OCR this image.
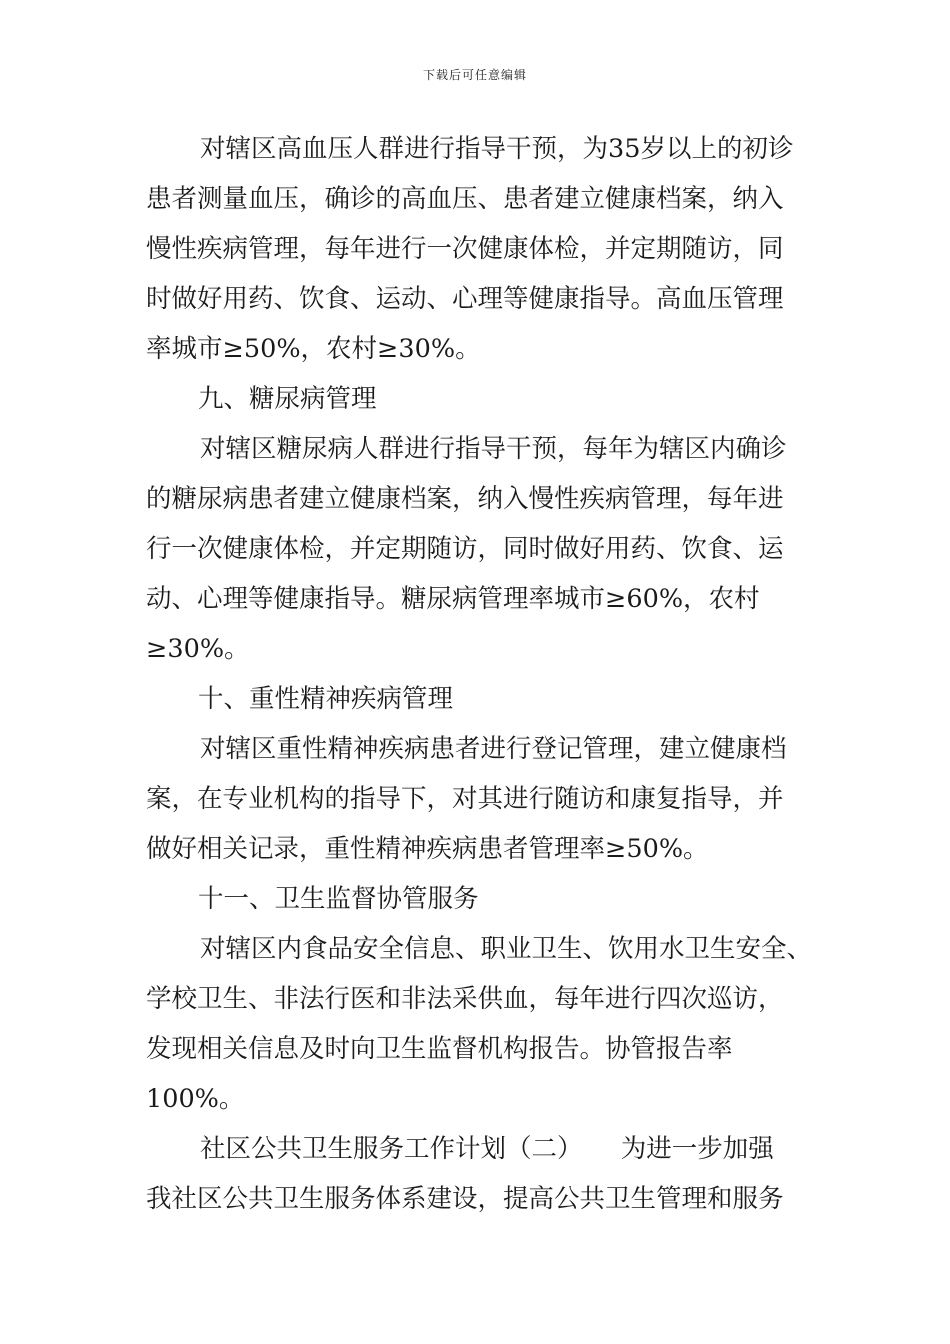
下载后可任意编辑
对辖区高血压人群进行指导干预，为35岁以上的初诊
患者测量血压，确诊的高血压、患者建立健康档案，纳入
慢性疾病管理，每年进行一次健康体检，并定期随访，同
时做好用药、饮食、运动、心理等健康指导。高血压管理
率城市≥50%，农村≥30%。
九、糖尿病管理
对辖区糖尿病人群进行指导干预，每年为辖区内确诊
的糖尿病患者建立健康档案，纳入慢性疾病管理，每年进
行一次健康体检，并定期随访，同时做好用药、饮食、运
动、心理等健康指导。糖尿病管理率城市≥60%，农村
≥30%。
十、重性精神疾病管理
对辖区重性精神疾病患者进行登记管理，建立健康档
案，在专业机构的指导下，对其进行随访和康复指导，并
做好相关记录，重性精神疾病患者管理率≥50%。
十一、卫生监督协管服务
对辖区内食品安全信息、职业卫生、饮用水卫生安全、
学校卫生、非法行医和非法采供血，每年进行四次巡访，
发现相关信息及时向卫生监督机构报告。协管报告率
100%。
社区公共卫生服务工作计划（二）　　为进一步加强
我社区公共卫生服务体系建设，提高公共卫生管理和服务
